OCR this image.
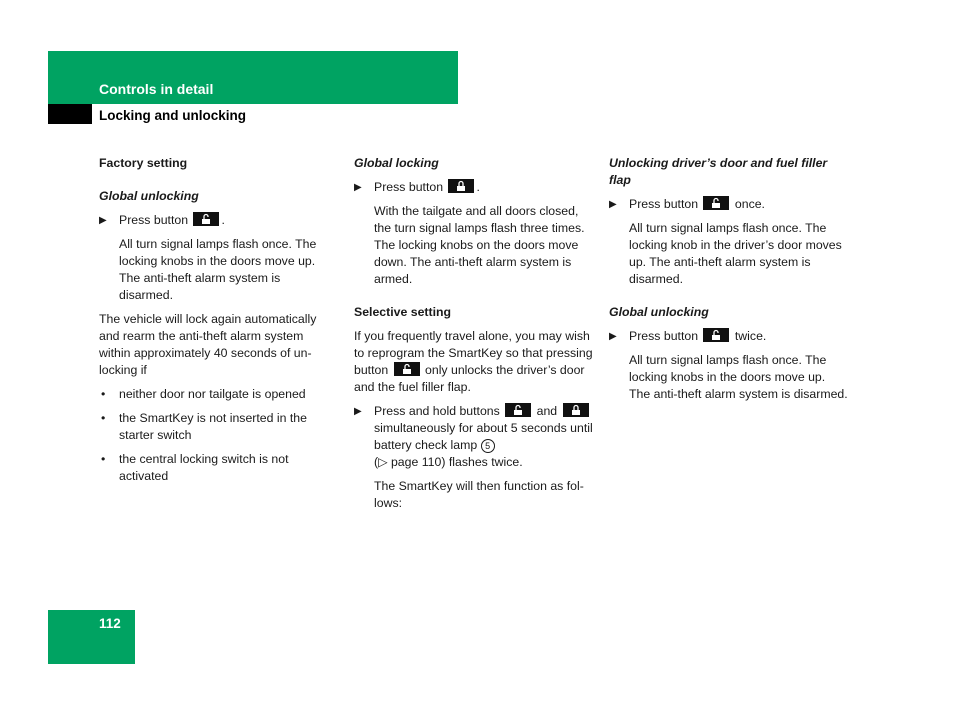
Controls in detail
Locking and unlocking

Factory setting

Global unlocking

▶ Press button
.

All turn signal lamps flash once. The locking knobs in the doors move up. The anti-theft alarm system is disarmed.

The vehicle will lock again automatically and rearm the anti-theft alarm system within approximately 40 seconds of un-locking if

• neither door nor tailgate is opened
• the SmartKey is not inserted in the starter switch
• the central locking switch is not activated

Global locking

▶ Press button
.

With the tailgate and all doors closed, the turn signal lamps flash three times. The locking knobs on the doors move down. The anti-theft alarm system is armed.

Selective setting

If you frequently travel alone, you may wish to reprogram the SmartKey so that pressing button
only unlocks the driver’s door and the fuel filler flap.

▶ Press and hold buttons
and
simultaneously for about 5 seconds until battery check lamp 5
(▷ page 110) flashes twice.

The SmartKey will then function as fol-lows:

Unlocking driver’s door and fuel filler flap

▶ Press button
once.

All turn signal lamps flash once. The locking knob in the driver’s door moves up. The anti-theft alarm system is disarmed.

Global unlocking

▶ Press button
twice.

All turn signal lamps flash once. The locking knobs in the doors move up. The anti-theft alarm system is disarmed.

112
